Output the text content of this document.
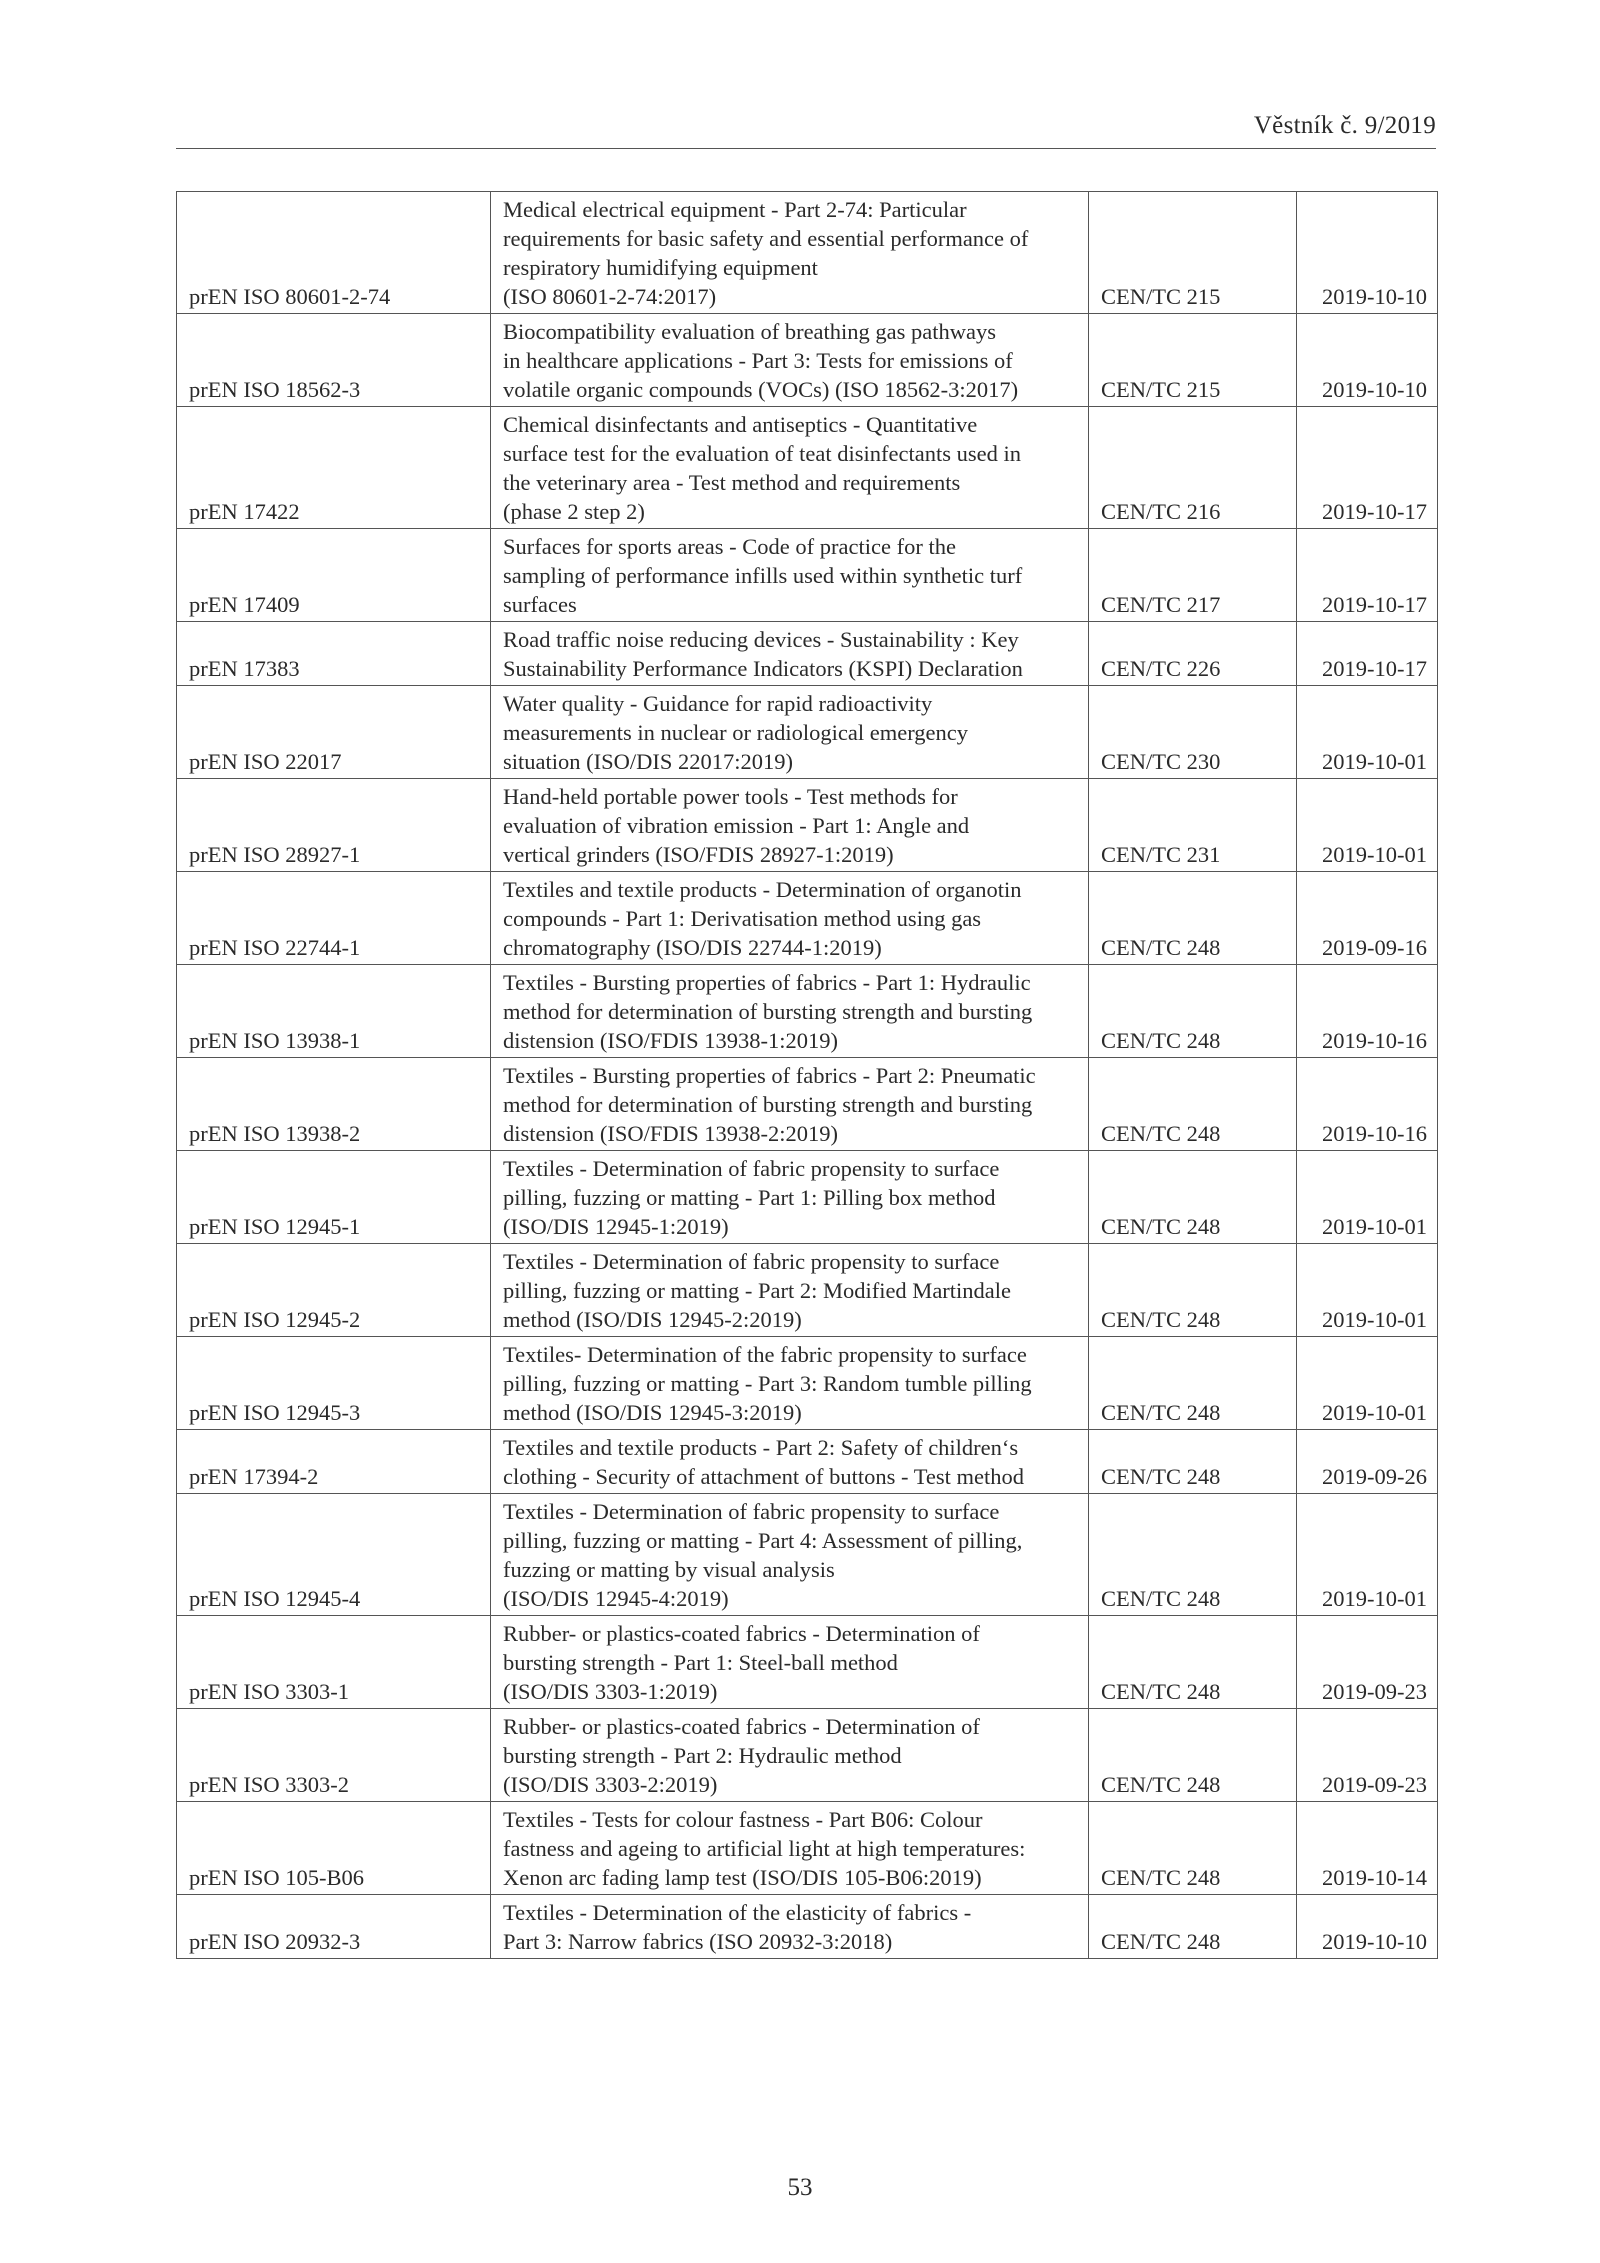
Věstník č. 9/2019
prEN ISO 80601-2-74	Medical electrical equipment - Part 2-74: Particular
requirements for basic safety and essential performance of
respiratory humidifying equipment
(ISO 80601-2-74:2017)	CEN/TC 215	2019-10-10
prEN ISO 18562-3	Biocompatibility evaluation of breathing gas pathways
in healthcare applications - Part 3: Tests for emissions of
volatile organic compounds (VOCs) (ISO 18562-3:2017)	CEN/TC 215	2019-10-10
prEN 17422	Chemical disinfectants and antiseptics - Quantitative
surface test for the evaluation of teat disinfectants used in
the veterinary area - Test method and requirements
(phase 2 step 2)	CEN/TC 216	2019-10-17
prEN 17409	Surfaces for sports areas - Code of practice for the
sampling of performance infills used within synthetic turf
surfaces	CEN/TC 217	2019-10-17
prEN 17383	Road traffic noise reducing devices - Sustainability : Key
Sustainability Performance Indicators (KSPI) Declaration	CEN/TC 226	2019-10-17
prEN ISO 22017	Water quality - Guidance for rapid radioactivity
measurements in nuclear or radiological emergency
situation (ISO/DIS 22017:2019)	CEN/TC 230	2019-10-01
prEN ISO 28927-1	Hand-held portable power tools - Test methods for
evaluation of vibration emission - Part 1: Angle and
vertical grinders (ISO/FDIS 28927-1:2019)	CEN/TC 231	2019-10-01
prEN ISO 22744-1	Textiles and textile products - Determination of organotin
compounds - Part 1: Derivatisation method using gas
chromatography (ISO/DIS 22744-1:2019)	CEN/TC 248	2019-09-16
prEN ISO 13938-1	Textiles - Bursting properties of fabrics - Part 1: Hydraulic
method for determination of bursting strength and bursting
distension (ISO/FDIS 13938-1:2019)	CEN/TC 248	2019-10-16
prEN ISO 13938-2	Textiles - Bursting properties of fabrics - Part 2: Pneumatic
method for determination of bursting strength and bursting
distension (ISO/FDIS 13938-2:2019)	CEN/TC 248	2019-10-16
prEN ISO 12945-1	Textiles - Determination of fabric propensity to surface
pilling, fuzzing or matting - Part 1: Pilling box method
(ISO/DIS 12945-1:2019)	CEN/TC 248	2019-10-01
prEN ISO 12945-2	Textiles - Determination of fabric propensity to surface
pilling, fuzzing or matting - Part 2: Modified Martindale
method (ISO/DIS 12945-2:2019)	CEN/TC 248	2019-10-01
prEN ISO 12945-3	Textiles- Determination of the fabric propensity to surface
pilling, fuzzing or matting - Part 3: Random tumble pilling
method (ISO/DIS 12945-3:2019)	CEN/TC 248	2019-10-01
prEN 17394-2	Textiles and textile products - Part 2: Safety of children‘s
clothing - Security of attachment of buttons - Test method	CEN/TC 248	2019-09-26
prEN ISO 12945-4	Textiles - Determination of fabric propensity to surface
pilling, fuzzing or matting - Part 4: Assessment of pilling,
fuzzing or matting by visual analysis
(ISO/DIS 12945-4:2019)	CEN/TC 248	2019-10-01
prEN ISO 3303-1	Rubber- or plastics-coated fabrics - Determination of
bursting strength - Part 1: Steel-ball method
(ISO/DIS 3303-1:2019)	CEN/TC 248	2019-09-23
prEN ISO 3303-2	Rubber- or plastics-coated fabrics - Determination of
bursting strength - Part 2: Hydraulic method
(ISO/DIS 3303-2:2019)	CEN/TC 248	2019-09-23
prEN ISO 105-B06	Textiles - Tests for colour fastness - Part B06: Colour
fastness and ageing to artificial light at high temperatures:
Xenon arc fading lamp test (ISO/DIS 105-B06:2019)	CEN/TC 248	2019-10-14
prEN ISO 20932-3	Textiles - Determination of the elasticity of fabrics -
Part 3: Narrow fabrics (ISO 20932-3:2018)	CEN/TC 248	2019-10-10
53
